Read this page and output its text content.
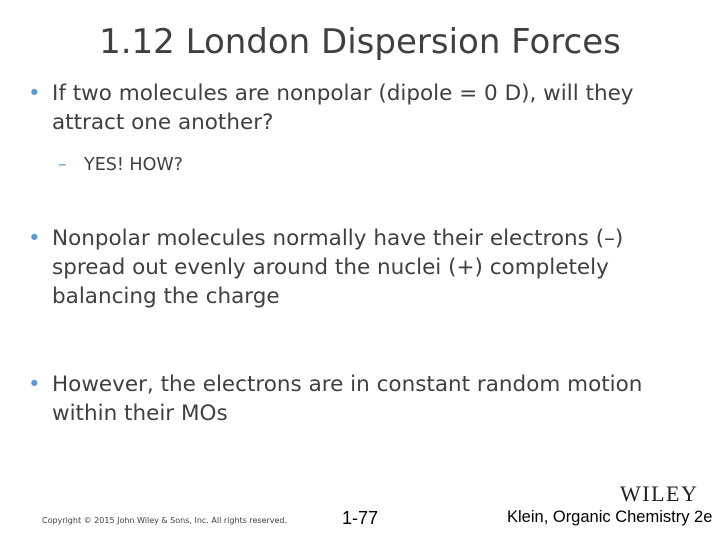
1.12 London Dispersion Forces
• If two molecules are nonpolar (dipole = 0 D), will they attract one another?
– YES! HOW?
• Nonpolar molecules normally have their electrons (–) spread out evenly around the nuclei (+) completely balancing the charge
• However, the electrons are in constant random motion within their MOs
Copyright © 2015 John Wiley & Sons, Inc. All rights reserved.	1-77
WILEY
Klein, Organic Chemistry 2e
